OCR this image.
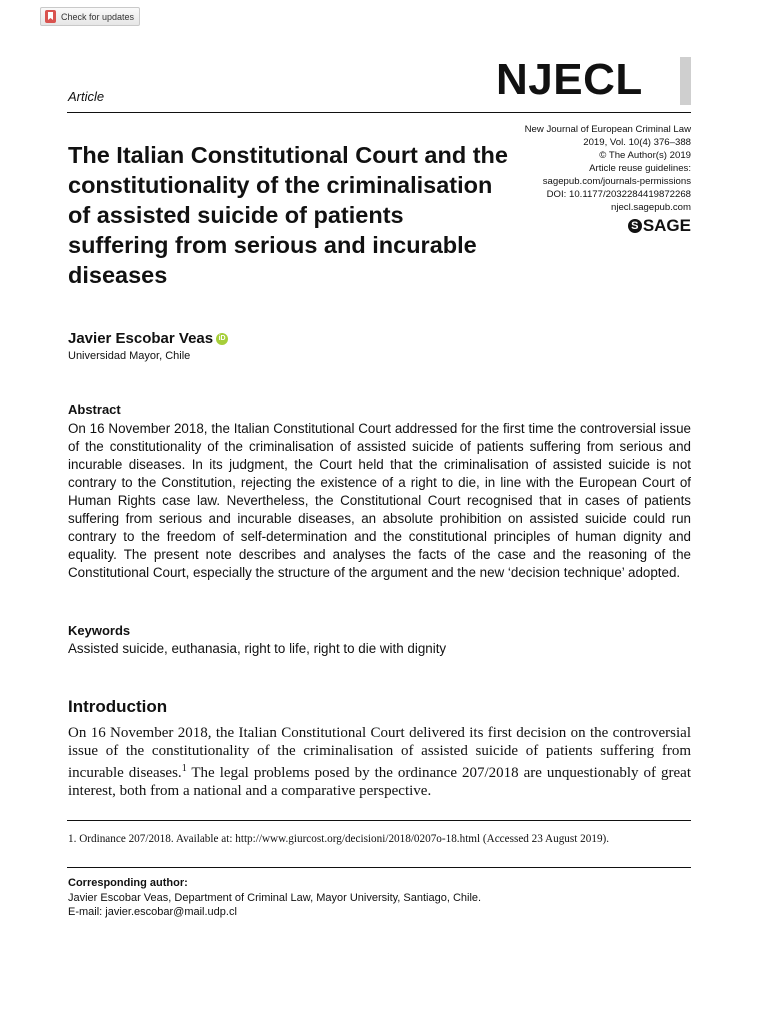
Check for updates
Article	NJECL
New Journal of European Criminal Law
2019, Vol. 10(4) 376–388
© The Author(s) 2019
Article reuse guidelines:
sagepub.com/journals-permissions
DOI: 10.1177/2032284419872268
njecl.sagepub.com
S SAGE
The Italian Constitutional Court and the constitutionality of the criminalisation of assisted suicide of patients suffering from serious and incurable diseases
Javier Escobar Veas iD
Universidad Mayor, Chile
Abstract

On 16 November 2018, the Italian Constitutional Court addressed for the first time the controversial issue of the constitutionality of the criminalisation of assisted suicide of patients suffering from serious and incurable diseases. In its judgment, the Court held that the criminalisation of assisted suicide is not contrary to the Constitution, rejecting the existence of a right to die, in line with the European Court of Human Rights case law. Nevertheless, the Constitutional Court recognised that in cases of patients suffering from serious and incurable diseases, an absolute prohibition on assisted suicide could run contrary to the freedom of self-determination and the constitutional principles of human dignity and equality. The present note describes and analyses the facts of the case and the reasoning of the Constitutional Court, especially the structure of the argument and the new ‘decision technique’ adopted.

Keywords
Assisted suicide, euthanasia, right to life, right to die with dignity
Introduction

On 16 November 2018, the Italian Constitutional Court delivered its first decision on the controversial issue of the constitutionality of the criminalisation of assisted suicide of patients suffering from incurable diseases.$^1$ The legal problems posed by the ordinance 207/2018 are unquestionably of great interest, both from a national and a comparative perspective.

1. Ordinance 207/2018. Available at: http://www.giurcost.org/decisioni/2018/0207o-18.html (Accessed 23 August 2019).
Corresponding author:
Javier Escobar Veas, Department of Criminal Law, Mayor University, Santiago, Chile.
E-mail: javier.escobar@mail.udp.cl
